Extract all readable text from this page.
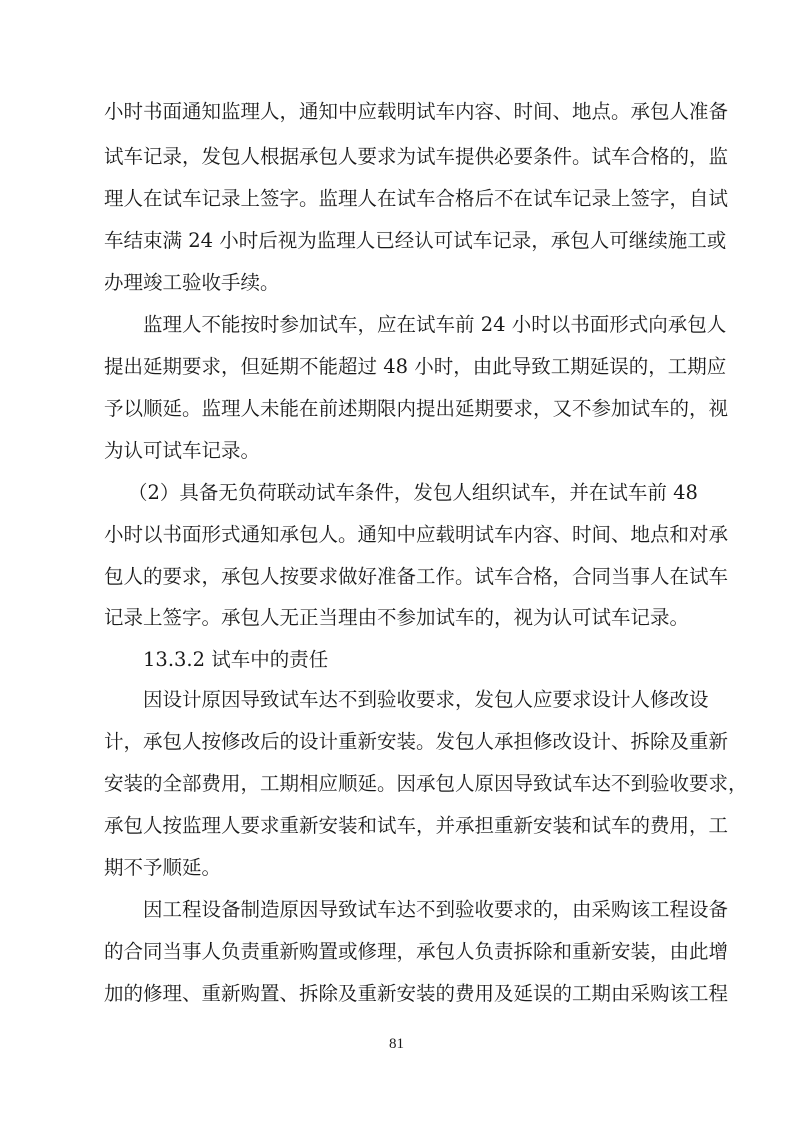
小时书面通知监理人，通知中应载明试车内容、时间、地点。承包人准备
试车记录，发包人根据承包人要求为试车提供必要条件。试车合格的，监
理人在试车记录上签字。监理人在试车合格后不在试车记录上签字，自试
车结束满 24 小时后视为监理人已经认可试车记录，承包人可继续施工或
办理竣工验收手续。
监理人不能按时参加试车，应在试车前 24 小时以书面形式向承包人
提出延期要求，但延期不能超过 48 小时，由此导致工期延误的，工期应
予以顺延。监理人未能在前述期限内提出延期要求，又不参加试车的，视
为认可试车记录。
（2）具备无负荷联动试车条件，发包人组织试车，并在试车前 48
小时以书面形式通知承包人。通知中应载明试车内容、时间、地点和对承
包人的要求，承包人按要求做好准备工作。试车合格，合同当事人在试车
记录上签字。承包人无正当理由不参加试车的，视为认可试车记录。
13.3.2 试车中的责任
因设计原因导致试车达不到验收要求，发包人应要求设计人修改设
计，承包人按修改后的设计重新安装。发包人承担修改设计、拆除及重新
安装的全部费用，工期相应顺延。因承包人原因导致试车达不到验收要求，
承包人按监理人要求重新安装和试车，并承担重新安装和试车的费用，工
期不予顺延。
因工程设备制造原因导致试车达不到验收要求的，由采购该工程设备
的合同当事人负责重新购置或修理，承包人负责拆除和重新安装，由此增
加的修理、重新购置、拆除及重新安装的费用及延误的工期由采购该工程
81
